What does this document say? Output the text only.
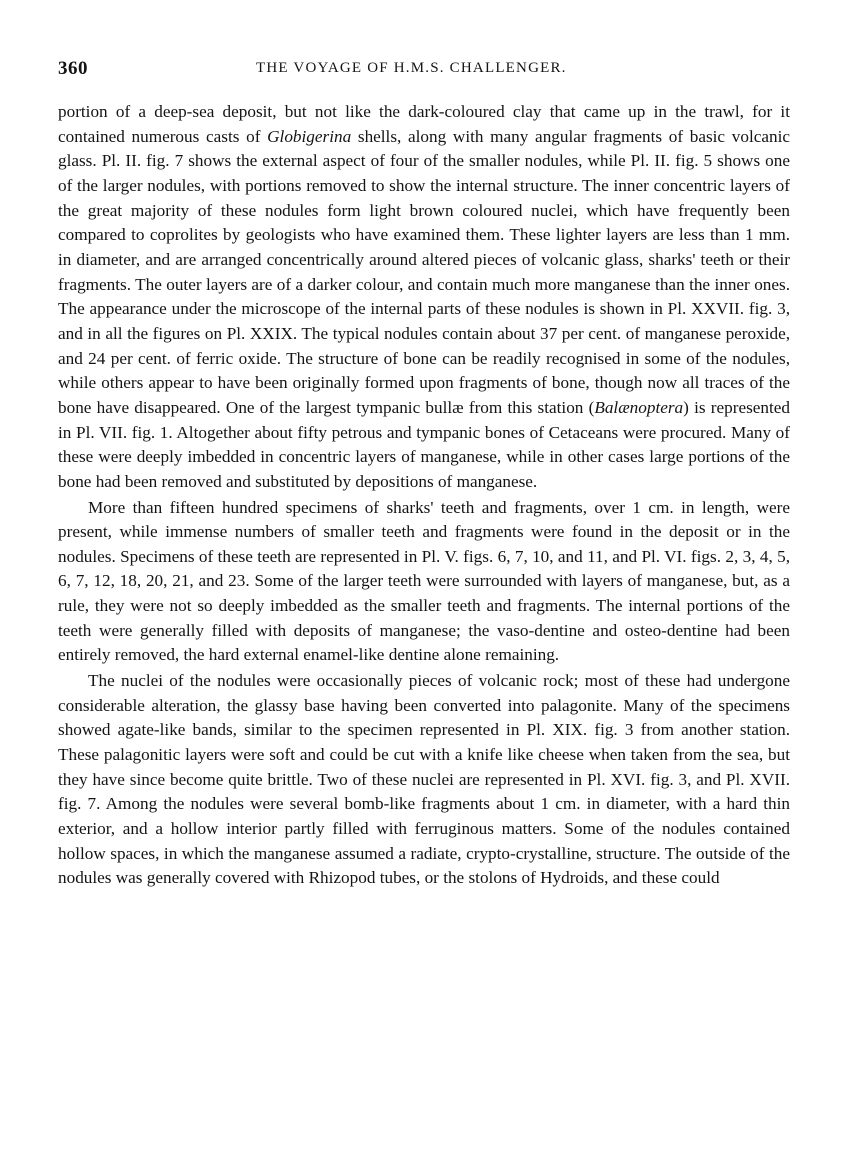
360	THE VOYAGE OF H.M.S. CHALLENGER.

portion of a deep-sea deposit, but not like the dark-coloured clay that came up in the trawl, for it contained numerous casts of Globigerina shells, along with many angular fragments of basic volcanic glass. Pl. II. fig. 7 shows the external aspect of four of the smaller nodules, while Pl. II. fig. 5 shows one of the larger nodules, with portions removed to show the internal structure. The inner concentric layers of the great majority of these nodules form light brown coloured nuclei, which have frequently been compared to coprolites by geologists who have examined them. These lighter layers are less than 1 mm. in diameter, and are arranged concentrically around altered pieces of volcanic glass, sharks' teeth or their fragments. The outer layers are of a darker colour, and contain much more manganese than the inner ones. The appearance under the microscope of the internal parts of these nodules is shown in Pl. XXVII. fig. 3, and in all the figures on Pl. XXIX. The typical nodules contain about 37 per cent. of manganese peroxide, and 24 per cent. of ferric oxide. The structure of bone can be readily recognised in some of the nodules, while others appear to have been originally formed upon fragments of bone, though now all traces of the bone have disappeared. One of the largest tympanic bullæ from this station (Balænoptera) is represented in Pl. VII. fig. 1. Altogether about fifty petrous and tympanic bones of Cetaceans were procured. Many of these were deeply imbedded in concentric layers of manganese, while in other cases large portions of the bone had been removed and substituted by depositions of manganese.

More than fifteen hundred specimens of sharks' teeth and fragments, over 1 cm. in length, were present, while immense numbers of smaller teeth and fragments were found in the deposit or in the nodules. Specimens of these teeth are represented in Pl. V. figs. 6, 7, 10, and 11, and Pl. VI. figs. 2, 3, 4, 5, 6, 7, 12, 18, 20, 21, and 23. Some of the larger teeth were surrounded with layers of manganese, but, as a rule, they were not so deeply imbedded as the smaller teeth and fragments. The internal portions of the teeth were generally filled with deposits of manganese; the vaso-dentine and osteo-dentine had been entirely removed, the hard external enamel-like dentine alone remaining.

The nuclei of the nodules were occasionally pieces of volcanic rock; most of these had undergone considerable alteration, the glassy base having been converted into palagonite. Many of the specimens showed agate-like bands, similar to the specimen represented in Pl. XIX. fig. 3 from another station. These palagonitic layers were soft and could be cut with a knife like cheese when taken from the sea, but they have since become quite brittle. Two of these nuclei are represented in Pl. XVI. fig. 3, and Pl. XVII. fig. 7. Among the nodules were several bomb-like fragments about 1 cm. in diameter, with a hard thin exterior, and a hollow interior partly filled with ferruginous matters. Some of the nodules contained hollow spaces, in which the manganese assumed a radiate, crypto-crystalline, structure. The outside of the nodules was generally covered with Rhizopod tubes, or the stolons of Hydroids, and these could
